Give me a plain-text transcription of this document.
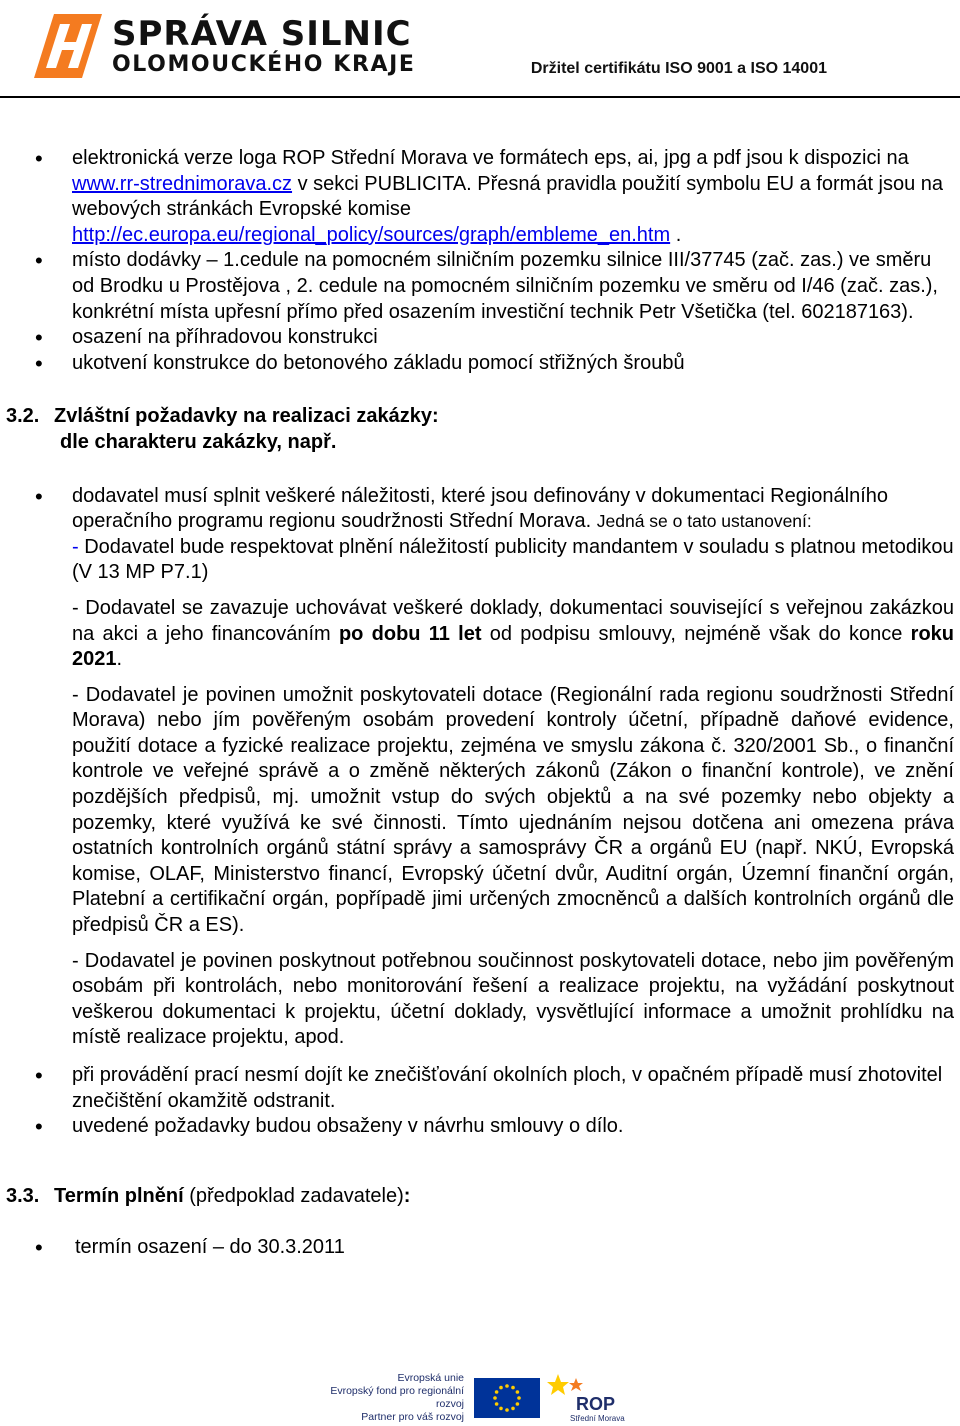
SPRÁVA SILNIC
OLOMOUCKÉHO KRAJE	Držitel certifikátu ISO 9001 a ISO 14001
• elektronická verze loga ROP Střední Morava ve formátech eps, ai, jpg a pdf jsou k dispozici na www.rr-strednimorava.cz v sekci PUBLICITA. Přesná pravidla použití symbolu EU a formát jsou na webových stránkách Evropské komise http://ec.europa.eu/regional_policy/sources/graph/embleme_en.htm .
• místo dodávky – 1.cedule na pomocném silničním pozemku silnice III/37745 (zač. zas.) ve směru od Brodku u Prostějova , 2. cedule na pomocném silničním pozemku ve směru od I/46 (zač. zas.), konkrétní místa upřesní přímo před osazením investiční technik Petr Všetička (tel. 602187163).
• osazení na příhradovou konstrukci
• ukotvení konstrukce do betonového základu pomocí střižných šroubů
3.2. Zvláštní požadavky na realizaci zakázky:
dle charakteru zakázky, např.
• dodavatel musí splnit veškeré náležitosti, které jsou definovány v dokumentaci Regionálního operačního programu regionu soudržnosti Střední Morava. Jedná se o tato ustanovení:
- Dodavatel bude respektovat plnění náležitostí publicity mandantem v souladu s platnou metodikou (V 13 MP P7.1)
- Dodavatel se zavazuje uchovávat veškeré doklady, dokumentaci související s veřejnou zakázkou na akci a jeho financováním po dobu 11 let od podpisu smlouvy, nejméně však do konce roku 2021.
- Dodavatel je povinen umožnit poskytovateli dotace (Regionální rada regionu soudržnosti Střední Morava) nebo jím pověřeným osobám provedení kontroly účetní, případně daňové evidence, použití dotace a fyzické realizace projektu, zejména ve smyslu zákona č. 320/2001 Sb., o finanční kontrole ve veřejné správě a o změně některých zákonů (Zákon o finanční kontrole), ve znění pozdějších předpisů, mj. umožnit vstup do svých objektů a na své pozemky nebo objekty a pozemky, které využívá ke své činnosti. Tímto ujednáním nejsou dotčena ani omezena práva ostatních kontrolních orgánů státní správy a samosprávy ČR a orgánů EU (např. NKÚ, Evropská komise, OLAF, Ministerstvo financí, Evropský účetní dvůr, Auditní orgán, Územní finanční orgán, Platební a certifikační orgán, popřípadě jimi určených zmocněnců a dalších kontrolních orgánů dle předpisů ČR a ES).
- Dodavatel je povinen poskytnout potřebnou součinnost poskytovateli dotace, nebo jim pověřeným osobám při kontrolách, nebo monitorování řešení a realizace projektu, na vyžádání poskytnout veškerou dokumentaci k projektu, účetní doklady, vysvětlující informace a umožnit prohlídku na místě realizace projektu, apod.
• při provádění prací nesmí dojít ke znečišťování okolních ploch, v opačném případě musí zhotovitel znečištění okamžitě odstranit.
• uvedené požadavky budou obsaženy v návrhu smlouvy o dílo.
3.3. Termín plnění (předpoklad zadavatele):
• termín osazení – do 30.3.2011
Evropská unie
Evropský fond pro regionální rozvoj
Partner pro váš rozvoj
ROP
Střední Morava
